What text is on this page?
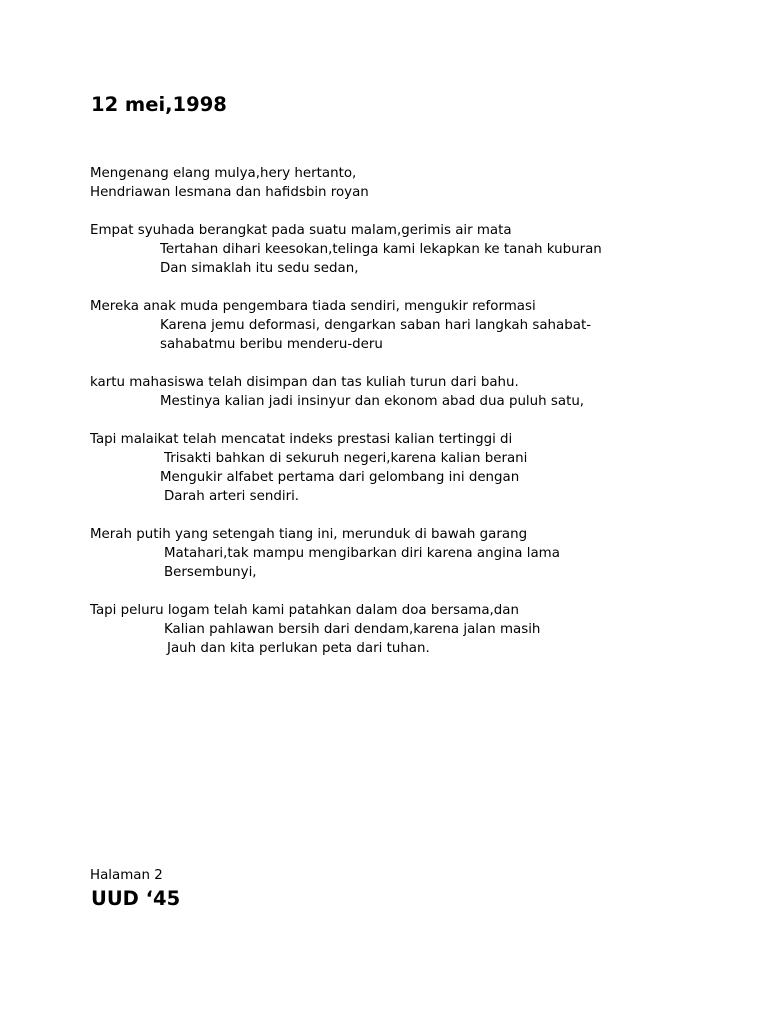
12 mei,1998
Mengenang elang mulya,hery hertanto,
Hendriawan lesmana dan hafidsbin royan
Empat syuhada berangkat pada suatu malam,gerimis air mata
Tertahan dihari keesokan,telinga kami lekapkan ke tanah kuburan
Dan simaklah itu sedu sedan,
Mereka anak muda pengembara tiada sendiri, mengukir reformasi
Karena jemu deformasi, dengarkan saban hari langkah sahabat-
sahabatmu beribu menderu-deru
kartu mahasiswa telah disimpan dan tas kuliah turun dari bahu.
Mestinya kalian jadi insinyur dan ekonom abad dua puluh satu,
Tapi malaikat telah mencatat indeks prestasi kalian tertinggi di
Trisakti bahkan di sekuruh negeri,karena kalian berani
Mengukir alfabet pertama dari gelombang ini dengan
Darah arteri sendiri.
Merah putih yang setengah tiang ini, merunduk di bawah garang
Matahari,tak mampu mengibarkan diri karena angina lama
Bersembunyi,
Tapi peluru logam telah kami patahkan dalam doa bersama,dan
Kalian pahlawan bersih dari dendam,karena jalan masih
Jauh dan kita perlukan peta dari tuhan.
Halaman 2
UUD ‘45
